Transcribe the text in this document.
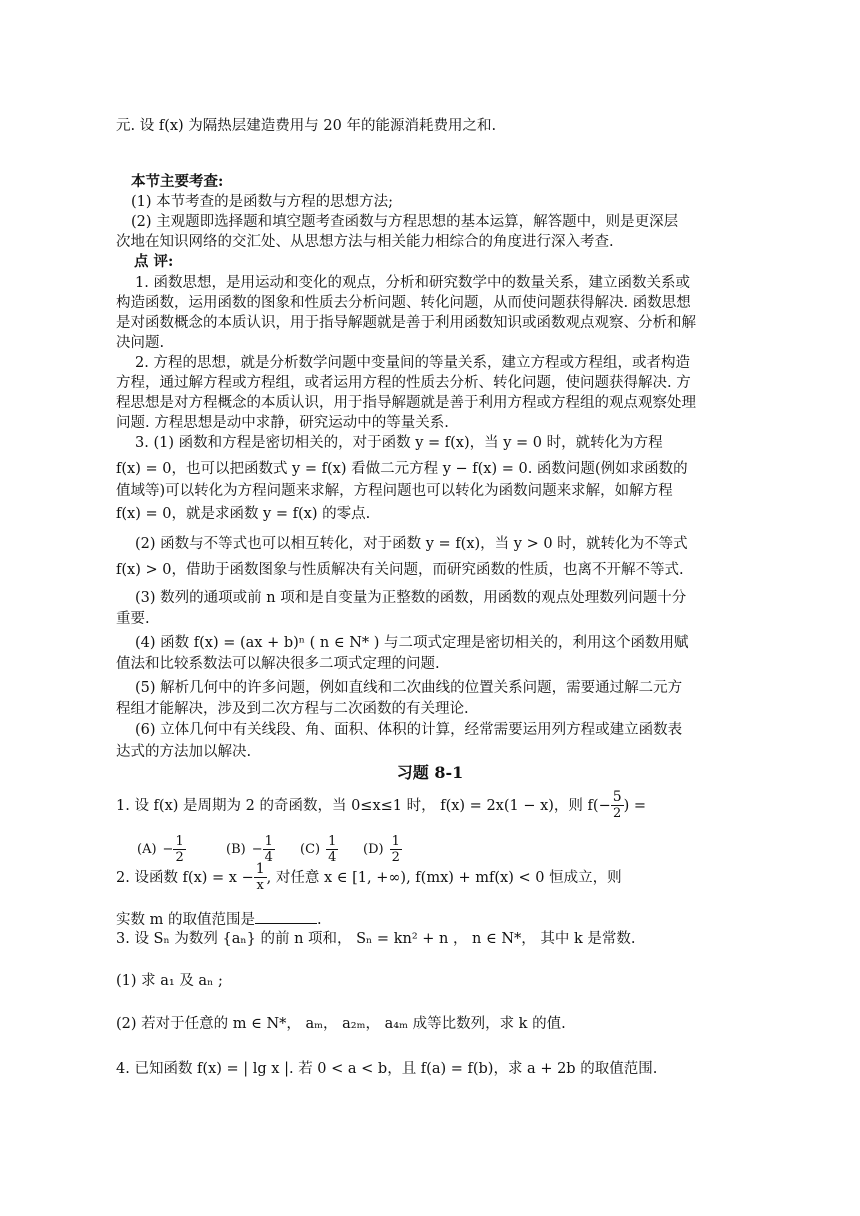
元. 设 f(x) 为隔热层建造费用与 20 年的能源消耗费用之和.
本节主要考查:
(1) 本节考查的是函数与方程的思想方法;
(2) 主观题即选择题和填空题考查函数与方程思想的基本运算，解答题中，则是更深层
次地在知识网络的交汇处、从思想方法与相关能力相综合的角度进行深入考查.
点 评:
1. 函数思想，是用运动和变化的观点，分析和研究数学中的数量关系，建立函数关系或
构造函数，运用函数的图象和性质去分析问题、转化问题，从而使问题获得解决. 函数思想
是对函数概念的本质认识，用于指导解题就是善于利用函数知识或函数观点观察、分析和解
决问题.
2. 方程的思想，就是分析数学问题中变量间的等量关系，建立方程或方程组，或者构造
方程，通过解方程或方程组，或者运用方程的性质去分析、转化问题，使问题获得解决. 方
程思想是对方程概念的本质认识，用于指导解题就是善于利用方程或方程组的观点观察处理
问题. 方程思想是动中求静，研究运动中的等量关系.
3. (1) 函数和方程是密切相关的，对于函数 y = f(x)，当 y = 0 时，就转化为方程
f(x) = 0，也可以把函数式 y = f(x) 看做二元方程 y − f(x) = 0. 函数问题(例如求函数的
值域等)可以转化为方程问题来求解，方程问题也可以转化为函数问题来求解，如解方程
f(x) = 0，就是求函数 y = f(x) 的零点.
(2) 函数与不等式也可以相互转化，对于函数 y = f(x)，当 y > 0 时，就转化为不等式
f(x) > 0，借助于函数图象与性质解决有关问题，而研究函数的性质，也离不开解不等式.
(3) 数列的通项或前 n 项和是自变量为正整数的函数，用函数的观点处理数列问题十分
重要.
(4) 函数 f(x) = (ax + b)ⁿ ( n ∈ N* ) 与二项式定理是密切相关的，利用这个函数用赋
值法和比较系数法可以解决很多二项式定理的问题.
(5) 解析几何中的许多问题，例如直线和二次曲线的位置关系问题，需要通过解二元方
程组才能解决，涉及到二次方程与二次函数的有关理论.
(6) 立体几何中有关线段、角、面积、体积的计算，经常需要运用列方程或建立函数表
达式的方法加以解决.
习题 8-1
1. 设 f(x) 是周期为 2 的奇函数，当 0≤x≤1 时， f(x) = 2x(1 − x)，则 $f(- \frac{5}{2}$ ) =
$(A) - \frac{1}{2}$	$(B) - \frac{1}{4} (C) \frac{1}{4} (D) \frac{1}{2}$
2. 设函数 $f(x) = x - \frac{1}{x}$ , 对任意 x ∈ [1, +∞), f(mx) + mf(x) < 0 恒成立，则
实数 m 的取值范围是	.
3. 设 Sₙ 为数列 {aₙ} 的前 n 项和， Sₙ = kn² + n ， n ∈ N*， 其中 k 是常数.
(1) 求 a₁ 及 aₙ ;
(2) 若对于任意的 m ∈ N*， aₘ， a₂ₘ， a₄ₘ 成等比数列，求 k 的值.
4. 已知函数 f(x) = | lg x |. 若 0 < a < b，且 f(a) = f(b)，求 a + 2b 的取值范围.
